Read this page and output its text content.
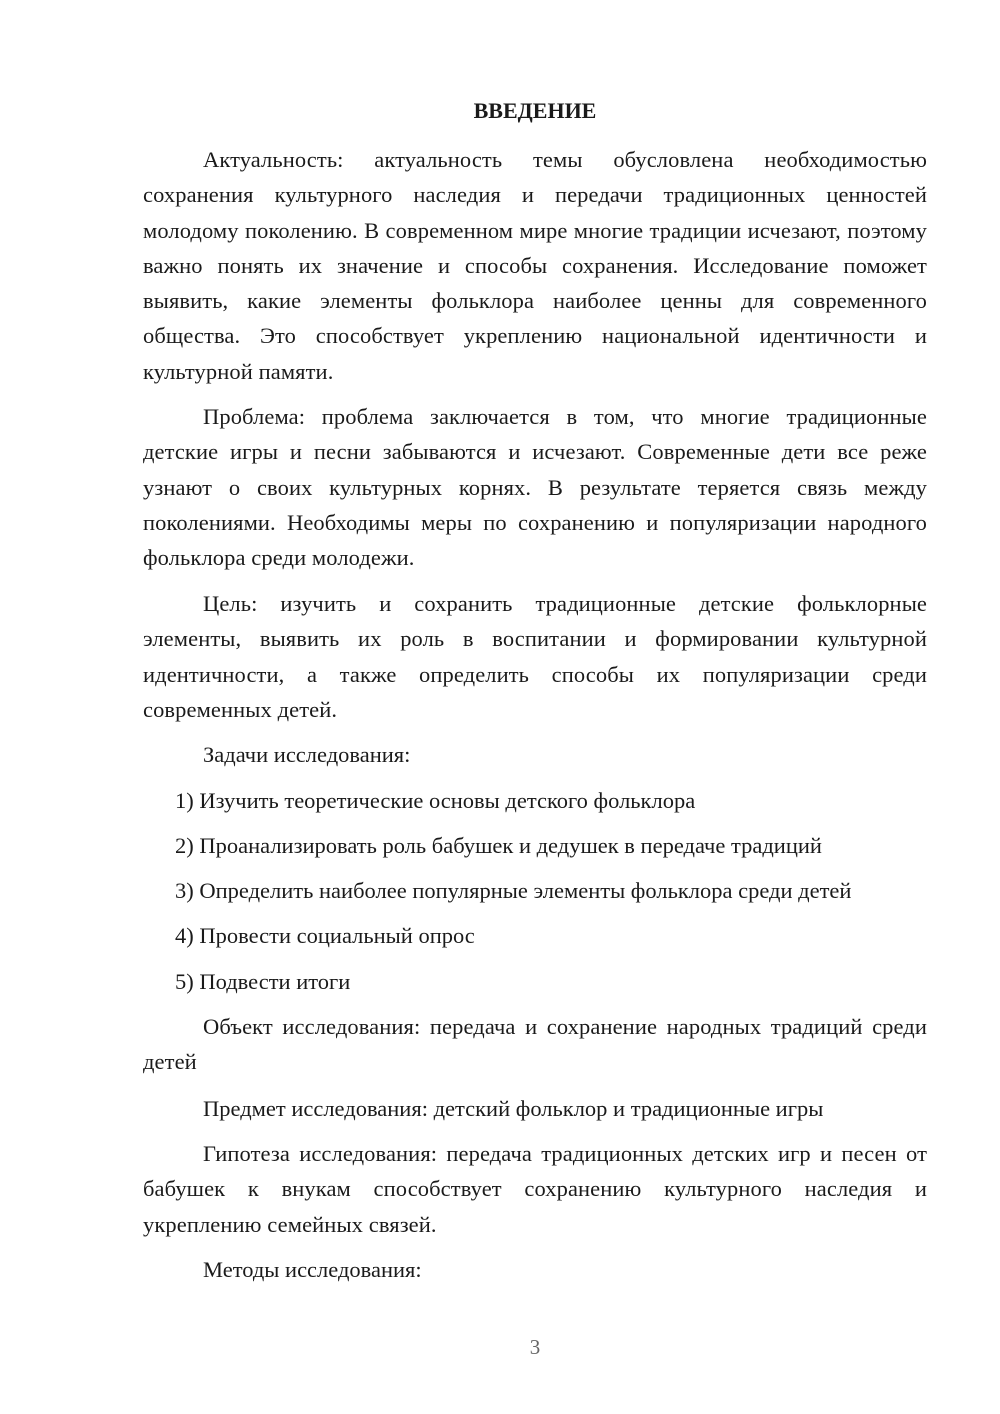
ВВЕДЕНИЕ

Актуальность: актуальность темы обусловлена необходимостью сохранения культурного наследия и передачи традиционных ценностей молодому поколению. В современном мире многие традиции исчезают, поэтому важно понять их значение и способы сохранения. Исследование поможет выявить, какие элементы фольклора наиболее ценны для современного общества. Это способствует укреплению национальной идентичности и культурной памяти.

Проблема: проблема заключается в том, что многие традиционные детские игры и песни забываются и исчезают. Современные дети все реже узнают о своих культурных корнях. В результате теряется связь между поколениями. Необходимы меры по сохранению и популяризации народного фольклора среди молодежи.

Цель: изучить и сохранить традиционные детские фольклорные элементы, выявить их роль в воспитании и формировании культурной идентичности, а также определить способы их популяризации среди современных детей.

Задачи исследования:

1) Изучить теоретические основы детского фольклора

2) Проанализировать роль бабушек и дедушек в передаче традиций

3) Определить наиболее популярные элементы фольклора среди детей

4) Провести социальный опрос

5) Подвести итоги

Объект исследования: передача и сохранение народных традиций среди детей

Предмет исследования: детский фольклор и традиционные игры

Гипотеза исследования: передача традиционных детских игр и песен от бабушек к внукам способствует сохранению культурного наследия и укреплению семейных связей.

Методы исследования:

3
